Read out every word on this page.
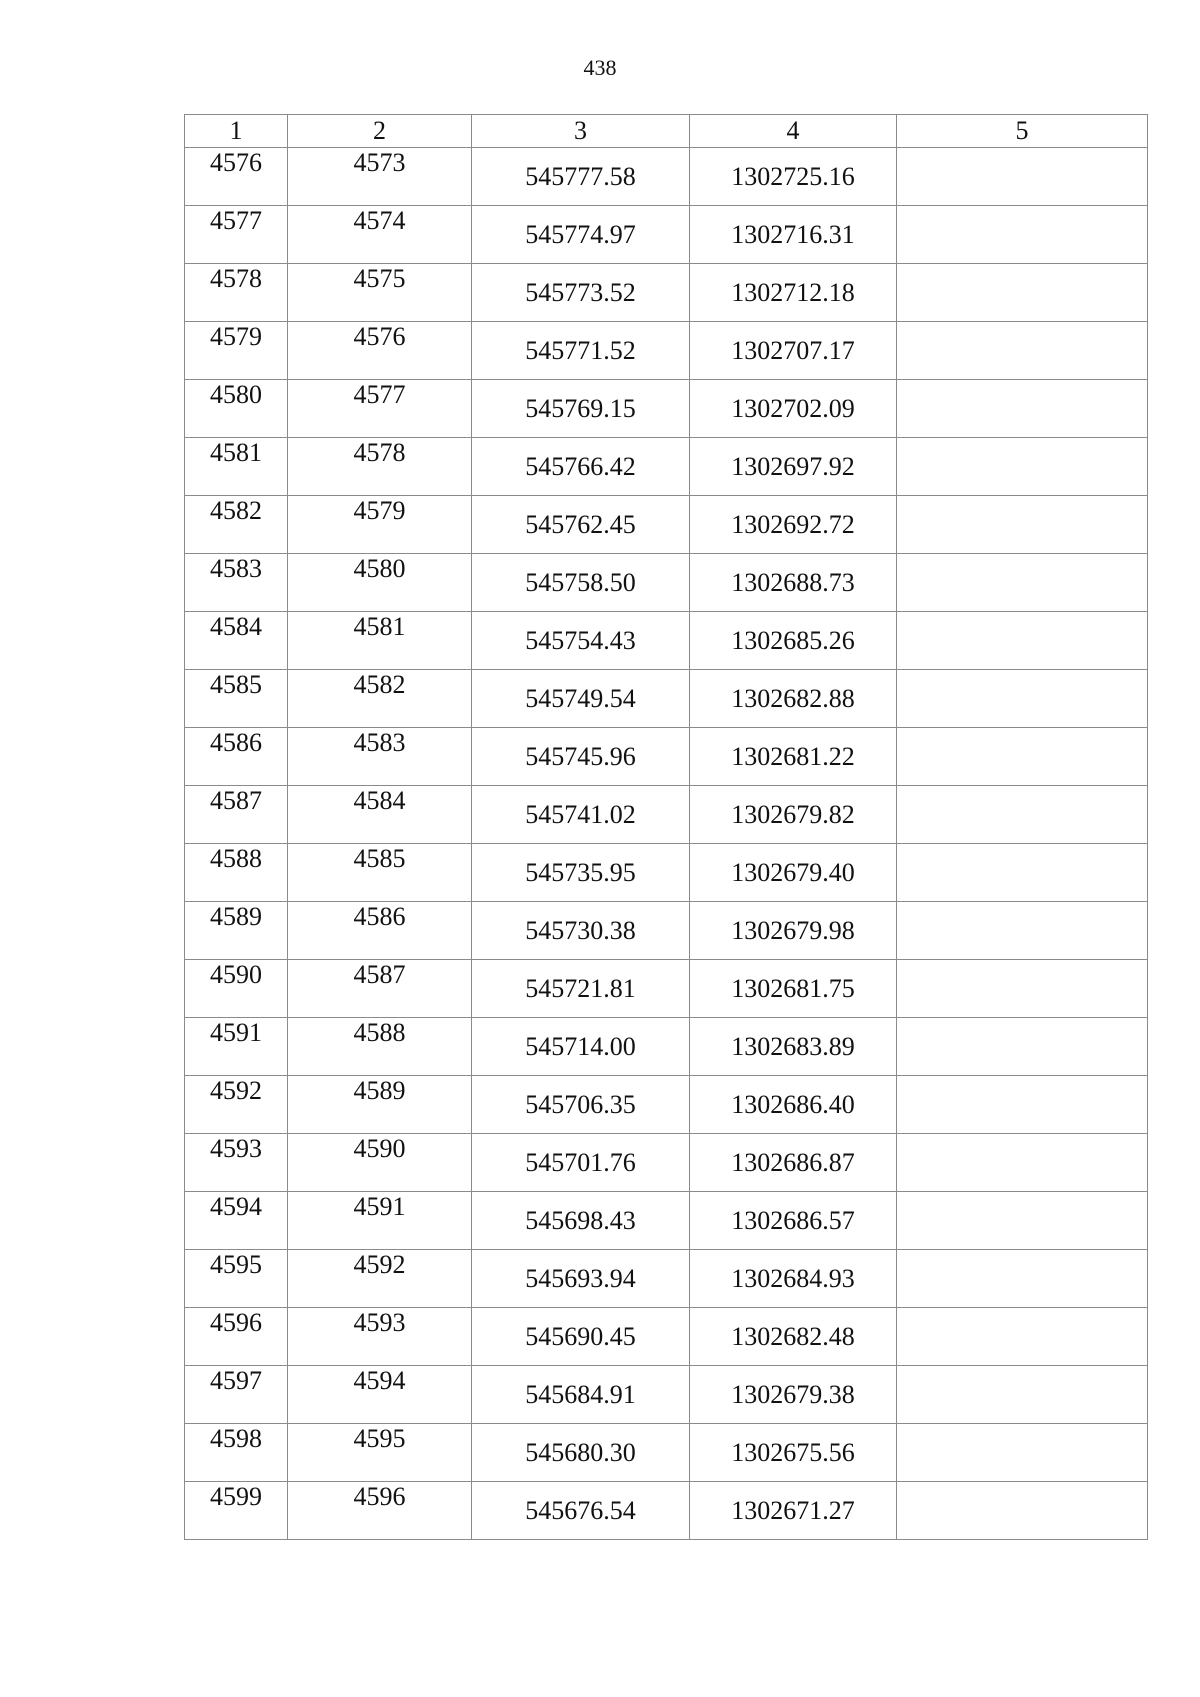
438
1	2	3	4	5
4576	4573	545777.58	1302725.16	
4577	4574	545774.97	1302716.31	
4578	4575	545773.52	1302712.18	
4579	4576	545771.52	1302707.17	
4580	4577	545769.15	1302702.09	
4581	4578	545766.42	1302697.92	
4582	4579	545762.45	1302692.72	
4583	4580	545758.50	1302688.73	
4584	4581	545754.43	1302685.26	
4585	4582	545749.54	1302682.88	
4586	4583	545745.96	1302681.22	
4587	4584	545741.02	1302679.82	
4588	4585	545735.95	1302679.40	
4589	4586	545730.38	1302679.98	
4590	4587	545721.81	1302681.75	
4591	4588	545714.00	1302683.89	
4592	4589	545706.35	1302686.40	
4593	4590	545701.76	1302686.87	
4594	4591	545698.43	1302686.57	
4595	4592	545693.94	1302684.93	
4596	4593	545690.45	1302682.48	
4597	4594	545684.91	1302679.38	
4598	4595	545680.30	1302675.56	
4599	4596	545676.54	1302671.27	
